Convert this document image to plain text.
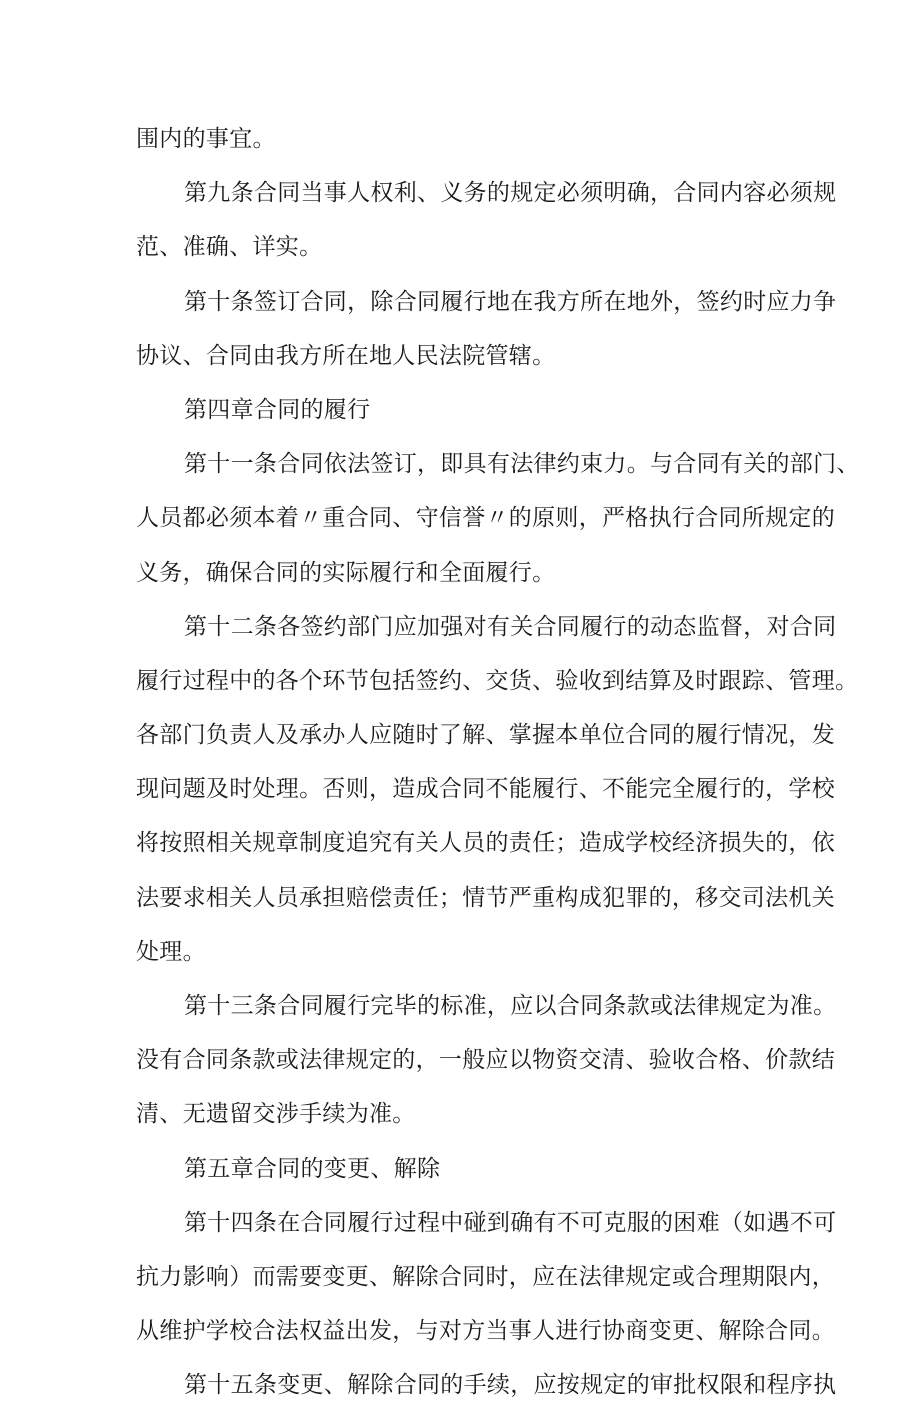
围内的事宜。
第九条合同当事人权利、义务的规定必须明确，合同内容必须规
范、准确、详实。
第十条签订合同，除合同履行地在我方所在地外，签约时应力争
协议、合同由我方所在地人民法院管辖。
第四章合同的履行
第十一条合同依法签订，即具有法律约束力。与合同有关的部门、
人员都必须本着〃重合同、守信誉〃的原则，严格执行合同所规定的
义务，确保合同的实际履行和全面履行。
第十二条各签约部门应加强对有关合同履行的动态监督，对合同
履行过程中的各个环节包括签约、交货、验收到结算及时跟踪、管理。
各部门负责人及承办人应随时了解、掌握本单位合同的履行情况，发
现问题及时处理。否则，造成合同不能履行、不能完全履行的，学校
将按照相关规章制度追究有关人员的责任；造成学校经济损失的，依
法要求相关人员承担赔偿责任；情节严重构成犯罪的，移交司法机关
处理。
第十三条合同履行完毕的标准，应以合同条款或法律规定为准。
没有合同条款或法律规定的，一般应以物资交清、验收合格、价款结
清、无遗留交涉手续为准。
第五章合同的变更、解除
第十四条在合同履行过程中碰到确有不可克服的困难（如遇不可
抗力影响）而需要变更、解除合同时，应在法律规定或合理期限内，
从维护学校合法权益出发，与对方当事人进行协商变更、解除合同。
第十五条变更、解除合同的手续，应按规定的审批权限和程序执
